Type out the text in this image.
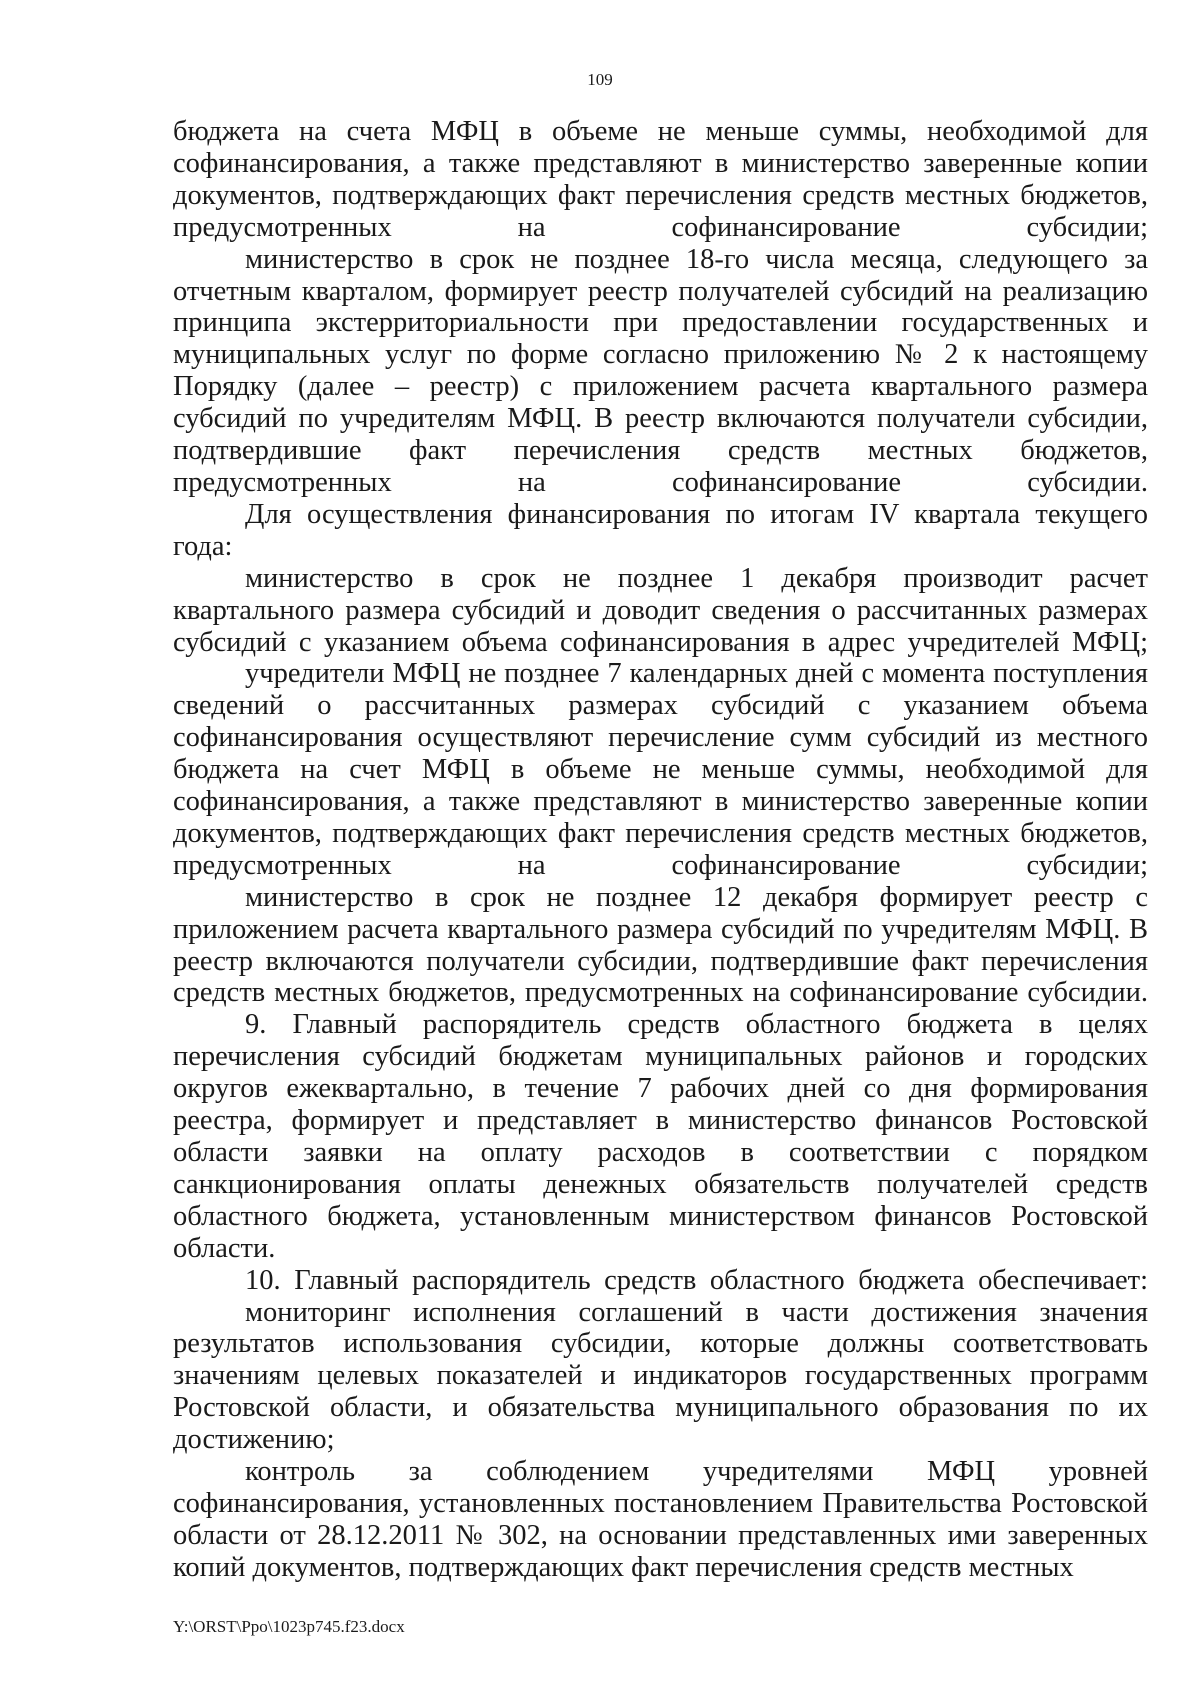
109

бюджета на счета МФЦ в объеме не меньше суммы, необходимой для софинансирования, а также представляют в министерство заверенные копии документов, подтверждающих факт перечисления средств местных бюджетов, предусмотренных на софинансирование субсидии;

министерство в срок не позднее 18-го числа месяца, следующего за отчетным кварталом, формирует реестр получателей субсидий на реализацию принципа экстерриториальности при предоставлении государственных и муниципальных услуг по форме согласно приложению № 2 к настоящему Порядку (далее – реестр) с приложением расчета квартального размера субсидий по учредителям МФЦ. В реестр включаются получатели субсидии, подтвердившие факт перечисления средств местных бюджетов, предусмотренных на софинансирование субсидии.

Для осуществления финансирования по итогам IV квартала текущего года:

министерство в срок не позднее 1 декабря производит расчет квартального размера субсидий и доводит сведения о рассчитанных размерах субсидий с указанием объема софинансирования в адрес учредителей МФЦ;

учредители МФЦ не позднее 7 календарных дней с момента поступления сведений о рассчитанных размерах субсидий с указанием объема софинансирования осуществляют перечисление сумм субсидий из местного бюджета на счет МФЦ в объеме не меньше суммы, необходимой для софинансирования, а также представляют в министерство заверенные копии документов, подтверждающих факт перечисления средств местных бюджетов, предусмотренных на софинансирование субсидии;

министерство в срок не позднее 12 декабря формирует реестр с приложением расчета квартального размера субсидий по учредителям МФЦ. В реестр включаются получатели субсидии, подтвердившие факт перечисления средств местных бюджетов, предусмотренных на софинансирование субсидии.

9. Главный распорядитель средств областного бюджета в целях перечисления субсидий бюджетам муниципальных районов и городских округов ежеквартально, в течение 7 рабочих дней со дня формирования реестра, формирует и представляет в министерство финансов Ростовской области заявки на оплату расходов в соответствии с порядком санкционирования оплаты денежных обязательств получателей средств областного бюджета, установленным министерством финансов Ростовской области.

10. Главный распорядитель средств областного бюджета обеспечивает:

мониторинг исполнения соглашений в части достижения значения результатов использования субсидии, которые должны соответствовать значениям целевых показателей и индикаторов государственных программ Ростовской области, и обязательства муниципального образования по их достижению;

контроль за соблюдением учредителями МФЦ уровней софинансирования, установленных постановлением Правительства Ростовской области от 28.12.2011 № 302, на основании представленных ими заверенных копий документов, подтверждающих факт перечисления средств местных

Y:\ORST\Ppo\1023p745.f23.docx
